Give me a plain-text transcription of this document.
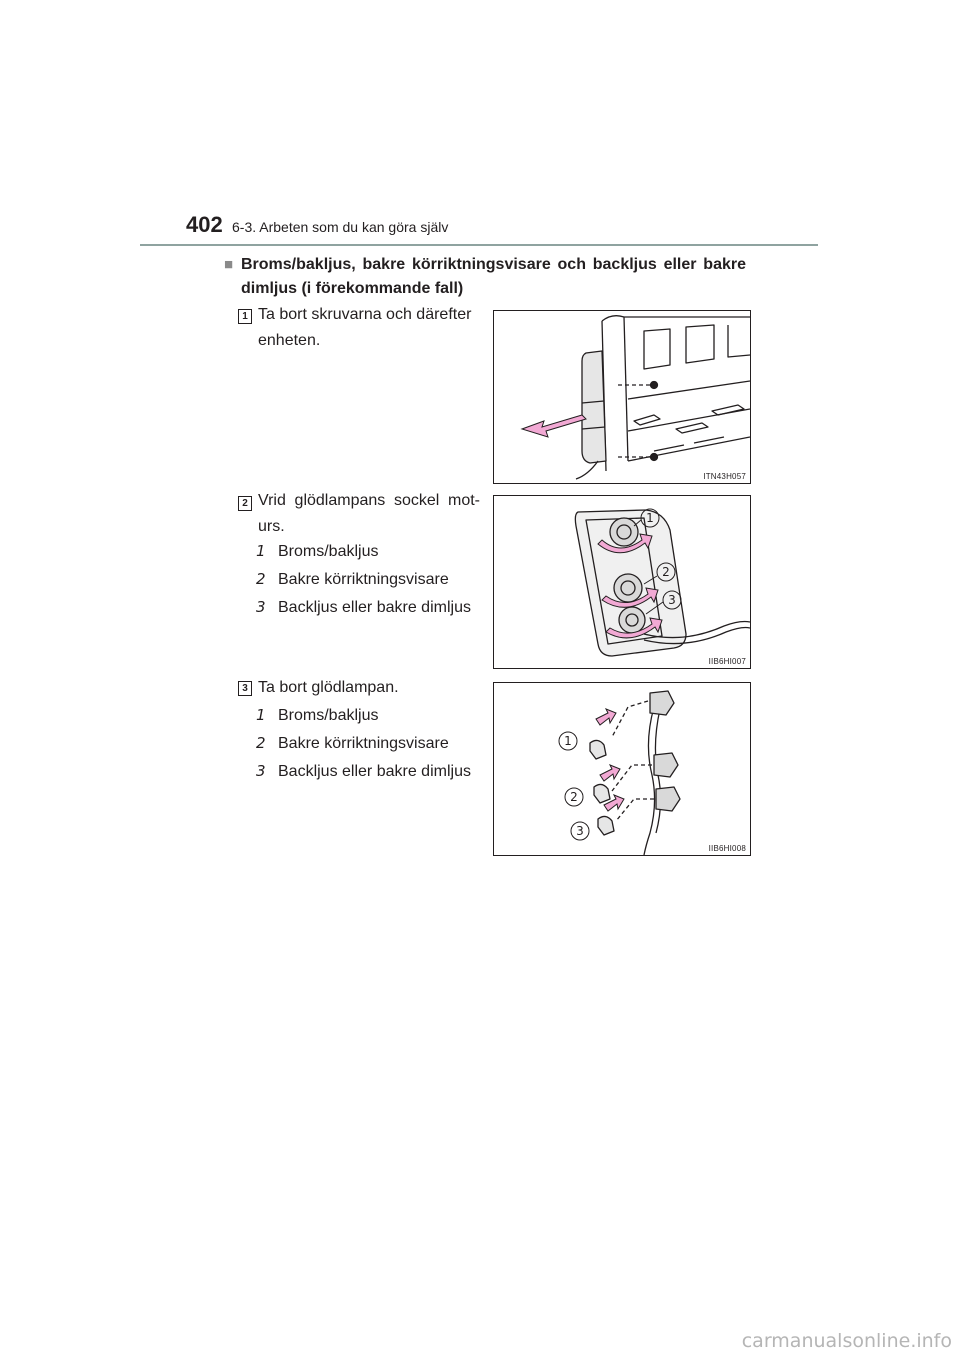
402 6-3. Arbeten som du kan göra själv
■ Broms/bakljus, bakre körriktningsvisare och backljus eller bakre dimljus (i förekommande fall)
1 Ta bort skruvarna och därefter enheten.
ITN43H057
2 Vrid glödlampans sockel mot-urs.
1 Broms/bakljus
2 Bakre körriktningsvisare
3 Backljus eller bakre dimljus
1
2
3
IIB6HI007
3 Ta bort glödlampan.
1 Broms/bakljus
2 Bakre körriktningsvisare
3 Backljus eller bakre dimljus
1
2
3
IIB6HI008
carmanualsonline.info
